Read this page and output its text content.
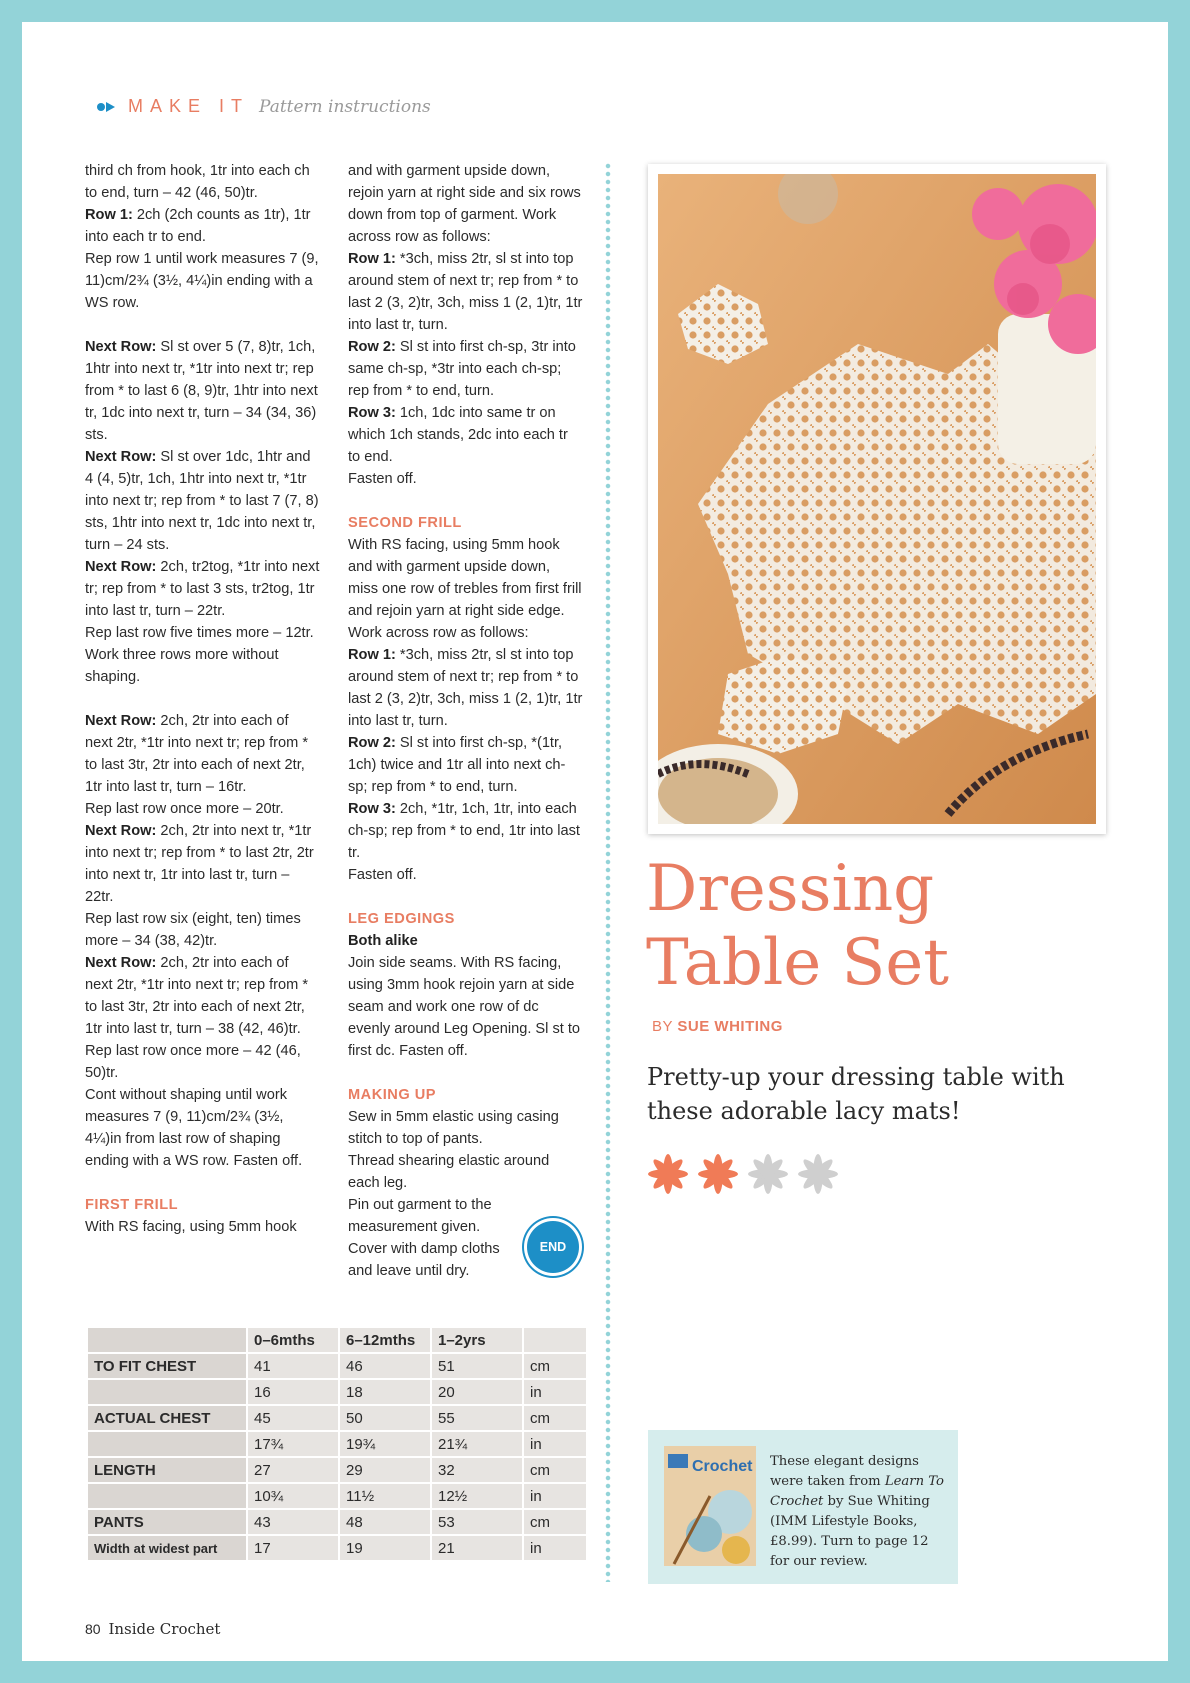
MAKE IT Pattern instructions

third ch from hook, 1tr into each ch to end, turn – 42 (46, 50)tr.

Row 1: 2ch (2ch counts as 1tr), 1tr into each tr to end.

Rep row 1 until work measures 7 (9, 11)cm/2¾ (3½, 4¼)in ending with a WS row.

Next Row: Sl st over 5 (7, 8)tr, 1ch, 1htr into next tr, *1tr into next tr; rep from * to last 6 (8, 9)tr, 1htr into next tr, 1dc into next tr, turn – 34 (34, 36) sts.

Next Row: Sl st over 1dc, 1htr and 4 (4, 5)tr, 1ch, 1htr into next tr, *1tr into next tr; rep from * to last 7 (7, 8) sts, 1htr into next tr, 1dc into next tr, turn – 24 sts.

Next Row: 2ch, tr2tog, *1tr into next tr; rep from * to last 3 sts, tr2tog, 1tr into last tr, turn – 22tr.

Rep last row five times more – 12tr.

Work three rows more without shaping.

Next Row: 2ch, 2tr into each of next 2tr, *1tr into next tr; rep from * to last 3tr, 2tr into each of next 2tr, 1tr into last tr, turn – 16tr.

Rep last row once more – 20tr.

Next Row: 2ch, 2tr into next tr, *1tr into next tr; rep from * to last 2tr, 2tr into next tr, 1tr into last tr, turn – 22tr.

Rep last row six (eight, ten) times more – 34 (38, 42)tr.

Next Row: 2ch, 2tr into each of next 2tr, *1tr into next tr; rep from * to last 3tr, 2tr into each of next 2tr, 1tr into last tr, turn – 38 (42, 46)tr.

Rep last row once more – 42 (46, 50)tr.

Cont without shaping until work measures 7 (9, 11)cm/2¾ (3½, 4¼)in from last row of shaping ending with a WS row. Fasten off.

FIRST FRILL

With RS facing, using 5mm hook

and with garment upside down, rejoin yarn at right side and six rows down from top of garment. Work across row as follows:

Row 1: *3ch, miss 2tr, sl st into top around stem of next tr; rep from * to last 2 (3, 2)tr, 3ch, miss 1 (2, 1)tr, 1tr into last tr, turn.

Row 2: Sl st into first ch-sp, 3tr into same ch-sp, *3tr into each ch-sp; rep from * to end, turn.

Row 3: 1ch, 1dc into same tr on which 1ch stands, 2dc into each tr to end.

Fasten off.

SECOND FRILL

With RS facing, using 5mm hook and with garment upside down, miss one row of trebles from first frill and rejoin yarn at right side edge. Work across row as follows:

Row 1: *3ch, miss 2tr, sl st into top around stem of next tr; rep from * to last 2 (3, 2)tr, 3ch, miss 1 (2, 1)tr, 1tr into last tr, turn.

Row 2: Sl st into first ch-sp, *(1tr, 1ch) twice and 1tr all into next ch-sp; rep from * to end, turn.

Row 3: 2ch, *1tr, 1ch, 1tr, into each ch-sp; rep from * to end, 1tr into last tr.

Fasten off.

LEG EDGINGS

Both alike

Join side seams. With RS facing, using 3mm hook rejoin yarn at side seam and work one row of dc evenly around Leg Opening. Sl st to first dc. Fasten off.

MAKING UP

Sew in 5mm elastic using casing stitch to top of pants.

Thread shearing elastic around each leg.

Pin out garment to the measurement given.

Cover with damp cloths and leave until dry.

END
Dressing
Table Set
BY SUE WHITING
Pretty-up your dressing table with these adorable lacy mats!
	0–6mths	6–12mths	1–2yrs	
TO FIT CHEST	41	46	51	cm
	16	18	20	in
ACTUAL CHEST	45	50	55	cm
	17¾	19¾	21¾	in
LENGTH	27	29	32	cm
	10¾	11½	12½	in
PANTS	43	48	53	cm

Width at widest part	17	19	21	in
Crochet These elegant designs were taken from Learn To Crochet by Sue Whiting (IMM Lifestyle Books, £8.99). Turn to page 12 for our review.
80 Inside Crochet
